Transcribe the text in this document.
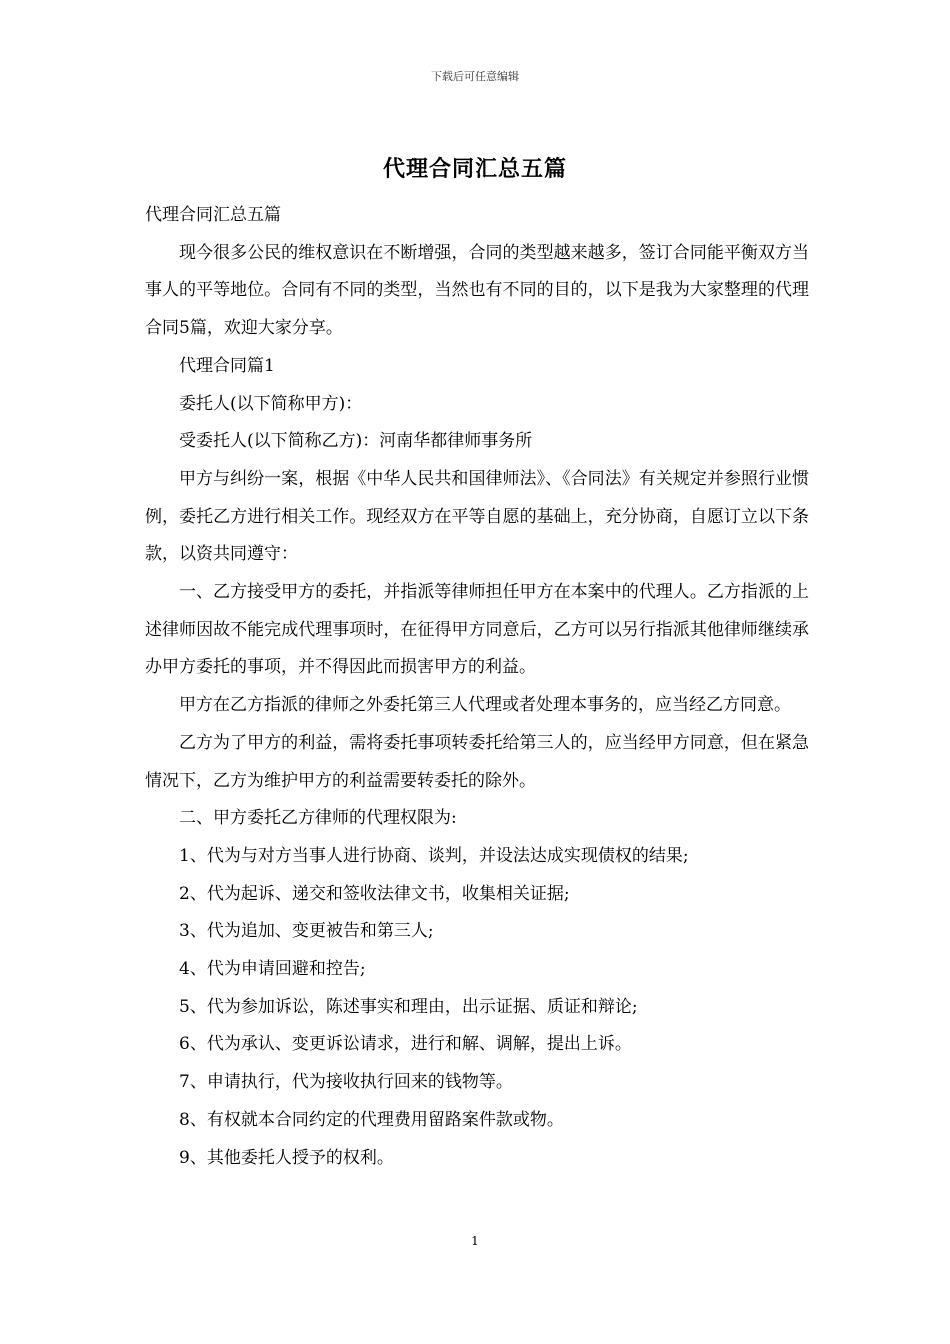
下载后可任意编辑
代理合同汇总五篇

代理合同汇总五篇

现今很多公民的维权意识在不断增强，合同的类型越来越多，签订合同能平衡双方当事人的平等地位。合同有不同的类型，当然也有不同的目的，以下是我为大家整理的代理合同5篇，欢迎大家分享。

代理合同篇1

委托人(以下简称甲方)：

受委托人(以下简称乙方)：河南华都律师事务所

甲方与纠纷一案，根据《中华人民共和国律师法》、《合同法》有关规定并参照行业惯例，委托乙方进行相关工作。现经双方在平等自愿的基础上，充分协商，自愿订立以下条款，以资共同遵守：

一、乙方接受甲方的委托，并指派等律师担任甲方在本案中的代理人。乙方指派的上述律师因故不能完成代理事项时，在征得甲方同意后，乙方可以另行指派其他律师继续承办甲方委托的事项，并不得因此而损害甲方的利益。

甲方在乙方指派的律师之外委托第三人代理或者处理本事务的，应当经乙方同意。

乙方为了甲方的利益，需将委托事项转委托给第三人的，应当经甲方同意，但在紧急情况下，乙方为维护甲方的利益需要转委托的除外。

二、甲方委托乙方律师的代理权限为:

1、代为与对方当事人进行协商、谈判，并设法达成实现债权的结果;

2、代为起诉、递交和签收法律文书，收集相关证据;

3、代为追加、变更被告和第三人;

4、代为申请回避和控告;

5、代为参加诉讼，陈述事实和理由，出示证据、质证和辩论;

6、代为承认、变更诉讼请求，进行和解、调解，提出上诉。

7、申请执行，代为接收执行回来的钱物等。

8、有权就本合同约定的代理费用留路案件款或物。

9、其他委托人授予的权利。

1
